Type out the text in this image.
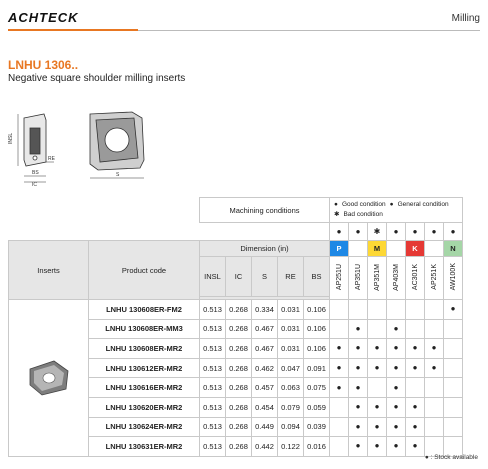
ACHTECK	Milling
LNHU 1306..
Negative square shoulder milling inserts
INSL
BS
IC
RE
S
		Machining conditions					● Good condition ● General condition
✱ Bad condition						

							●	●	✱	●	●	●	●
Inserts	Product code	Dimension (in)					P		M		K		N
		INSL	IC	S	RE	BS	AP251U	AP351U	AP351M	AP403M	AC301K	AP251K	AW100K

	LNHU 130608ER-FM2	0.513	0.268	0.334	0.031	0.106							●
	LNHU 130608ER-MM3	0.513	0.268	0.467	0.031	0.106		●		●			
	LNHU 130608ER-MR2	0.513	0.268	0.467	0.031	0.106	●	●	●	●	●	●	
	LNHU 130612ER-MR2	0.513	0.268	0.462	0.047	0.091	●	●	●	●	●	●	
	LNHU 130616ER-MR2	0.513	0.268	0.457	0.063	0.075	●	●		●			
	LNHU 130620ER-MR2	0.513	0.268	0.454	0.079	0.059		●	●	●	●		
	LNHU 130624ER-MR2	0.513	0.268	0.449	0.094	0.039		●	●	●	●		
	LNHU 130631ER-MR2	0.513	0.268	0.442	0.122	0.016		●	●	●	●		
● : Stock available
